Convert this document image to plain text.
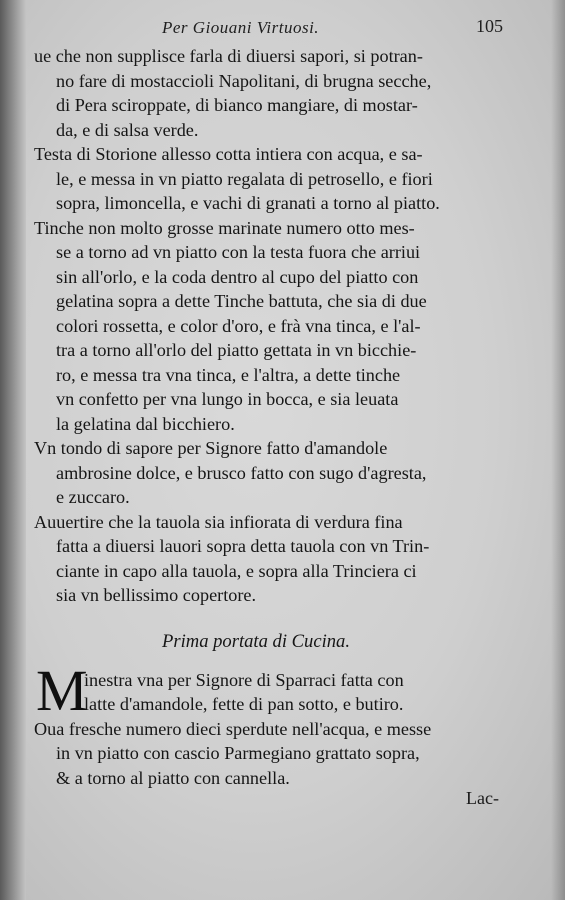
Per Giouani Virtuosi.	105
ue che non supplisce farla di diuersi sapori, si potran-
no fare di mostaccioli Napolitani, di brugna secche,
di Pera sciroppate, di bianco mangiare, di mostar-
da, e di salsa verde.
Testa di Storione allesso cotta intiera con acqua, e sa-
le, e messa in vn piatto regalata di petrosello, e fiori
sopra, limoncella, e vachi di granati a torno al piatto.
Tinche non molto grosse marinate numero otto mes-
se a torno ad vn piatto con la testa fuora che arriui
sin all'orlo, e la coda dentro al cupo del piatto con
gelatina sopra a dette Tinche battuta, che sia di due
colori rossetta, e color d'oro, e frà vna tinca, e l'al-
tra a torno all'orlo del piatto gettata in vn bicchie-
ro, e messa tra vna tinca, e l'altra, a dette tinche
vn confetto per vna lungo in bocca, e sia leuata
la gelatina dal bicchiero.
Vn tondo di sapore per Signore fatto d'amandole
ambrosine dolce, e brusco fatto con sugo d'agresta,
e zuccaro.
Auuertire che la tauola sia infiorata di verdura fina
fatta a diuersi lauori sopra detta tauola con vn Trin-
ciante in capo alla tauola, e sopra alla Trinciera ci
sia vn bellissimo copertore.
Prima portata di Cucina.
M
inestra vna per Signore di Sparraci fatta con
latte d'amandole, fette di pan sotto, e butiro.
Oua fresche numero dieci sperdute nell'acqua, e messe
in vn piatto con cascio Parmegiano grattato sopra,
& a torno al piatto con cannella.
Lac-
